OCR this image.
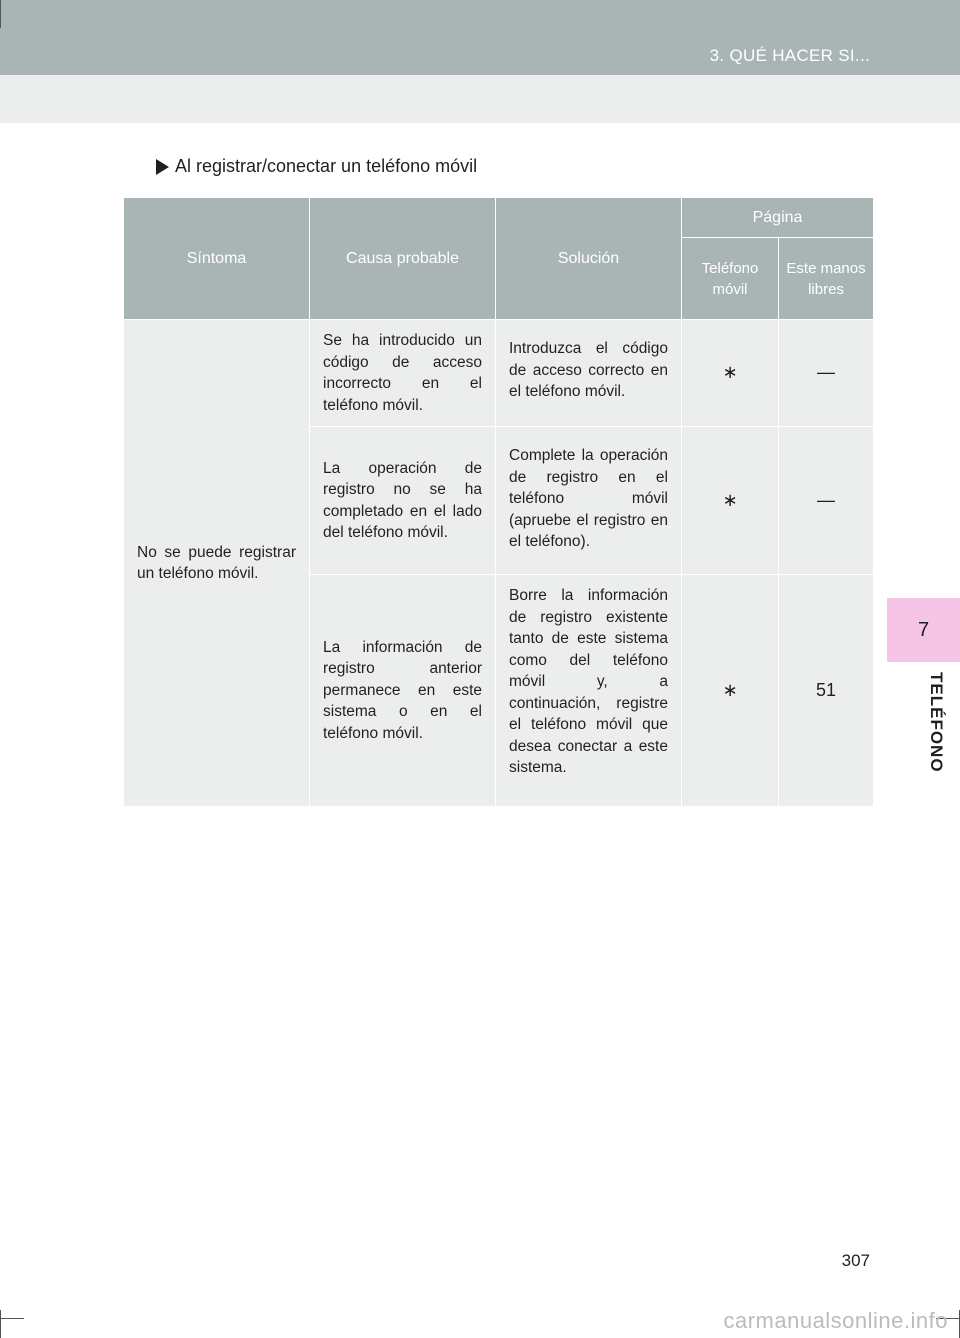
3. QUÉ HACER SI...
Al registrar/conectar un teléfono móvil
Síntoma	Causa probable	Solución	Página	
			Teléfono móvil	Este manos libres
No se puede registrar un teléfono móvil.	Se ha introducido un código de acceso incorrecto en el teléfono móvil.	Introduzca el código de acceso correcto en el teléfono móvil.	∗	—
	La operación de registro no se ha completado en el lado del teléfono móvil.	Complete la operación de registro en el teléfono móvil (apruebe el registro en el teléfono).	∗	—
	La información de registro anterior permanece en este sistema o en el teléfono móvil.	Borre la información de registro existente tanto de este sistema como del teléfono móvil y, a continuación, registre el teléfono móvil que desea conectar a este sistema.	∗	51
7
TELÉFONO
307
carmanualsonline.info
